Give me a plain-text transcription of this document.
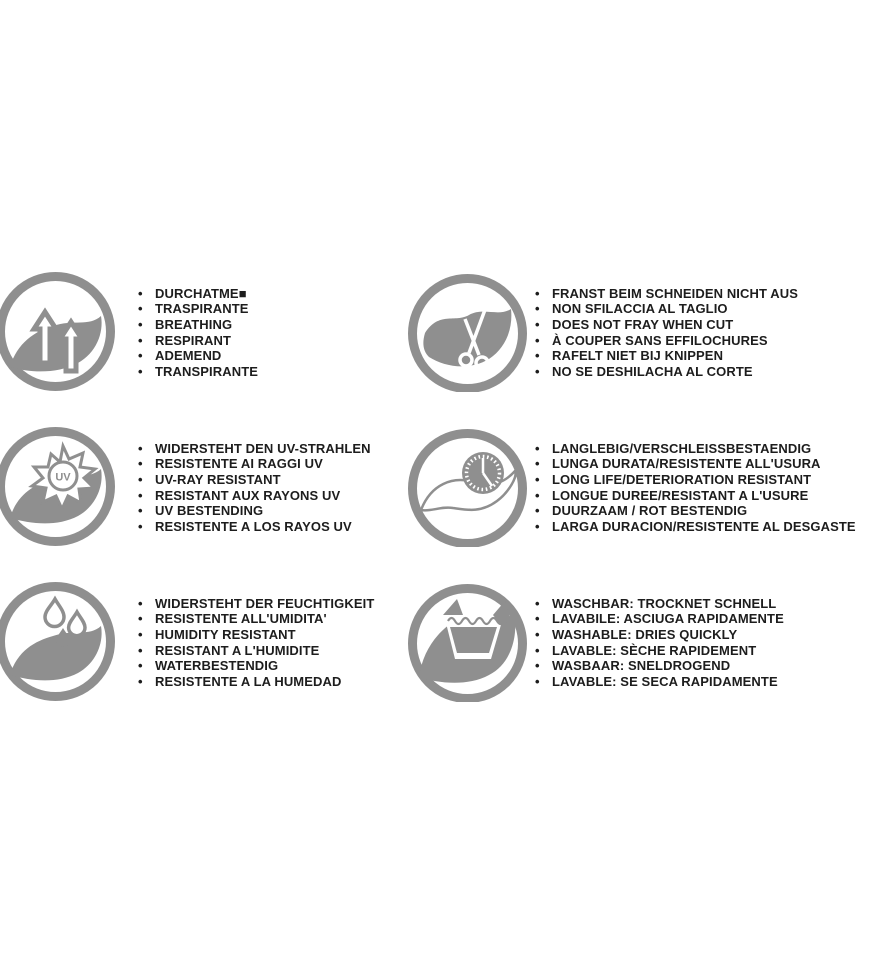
• DURCHATME■
• TRASPIRANTE
• BREATHING
• RESPIRANT
• ADEMEND
• TRANSPIRANTE
• FRANST BEIM SCHNEIDEN NICHT AUS
• NON SFILACCIA AL TAGLIO
• DOES NOT FRAY WHEN CUT
• À COUPER SANS EFFILOCHURES
• RAFELT NIET BIJ KNIPPEN
• NO SE DESHILACHA AL CORTE
UV
• WIDERSTEHT DEN UV-STRAHLEN
• RESISTENTE AI RAGGI UV
• UV-RAY RESISTANT
• RESISTANT AUX RAYONS UV
• UV BESTENDING
• RESISTENTE A LOS RAYOS UV
• LANGLEBIG/VERSCHLEISSBESTAENDIG
• LUNGA DURATA/RESISTENTE ALL'USURA
• LONG LIFE/DETERIORATION RESISTANT
• LONGUE DUREE/RESISTANT A L'USURE
• DUURZAAM / ROT BESTENDIG
• LARGA DURACION/RESISTENTE AL DESGASTE
• WIDERSTEHT DER FEUCHTIGKEIT
• RESISTENTE ALL'UMIDITA'
• HUMIDITY RESISTANT
• RESISTANT A L'HUMIDITE
• WATERBESTENDIG
• RESISTENTE A LA HUMEDAD
• WASCHBAR: TROCKNET SCHNELL
• LAVABILE: ASCIUGA RAPIDAMENTE
• WASHABLE: DRIES QUICKLY
• LAVABLE: SÈCHE RAPIDEMENT
• WASBAAR: SNELDROGEND
• LAVABLE: SE SECA RAPIDAMENTE
